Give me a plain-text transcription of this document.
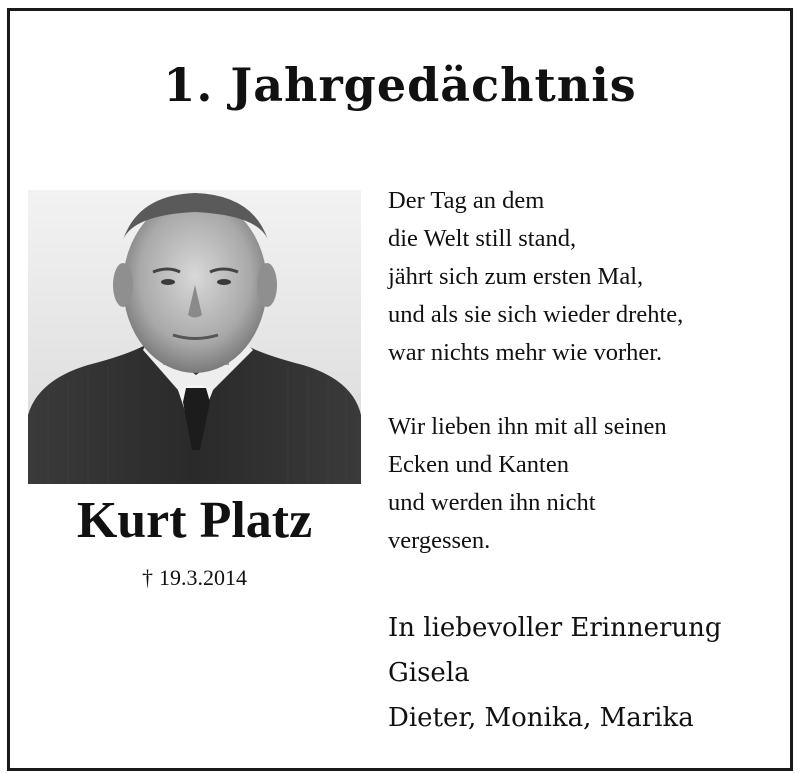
1. Jahrgedächtnis
Kurt Platz
† 19.3.2014

Der Tag an dem
die Welt still stand,
jährt sich zum ersten Mal,
und als sie sich wieder drehte,
war nichts mehr wie vorher.

Wir lieben ihn mit all seinen
Ecken und Kanten
und werden ihn nicht
vergessen.

In liebevoller Erinnerung
Gisela
Dieter, Monika, Marika
